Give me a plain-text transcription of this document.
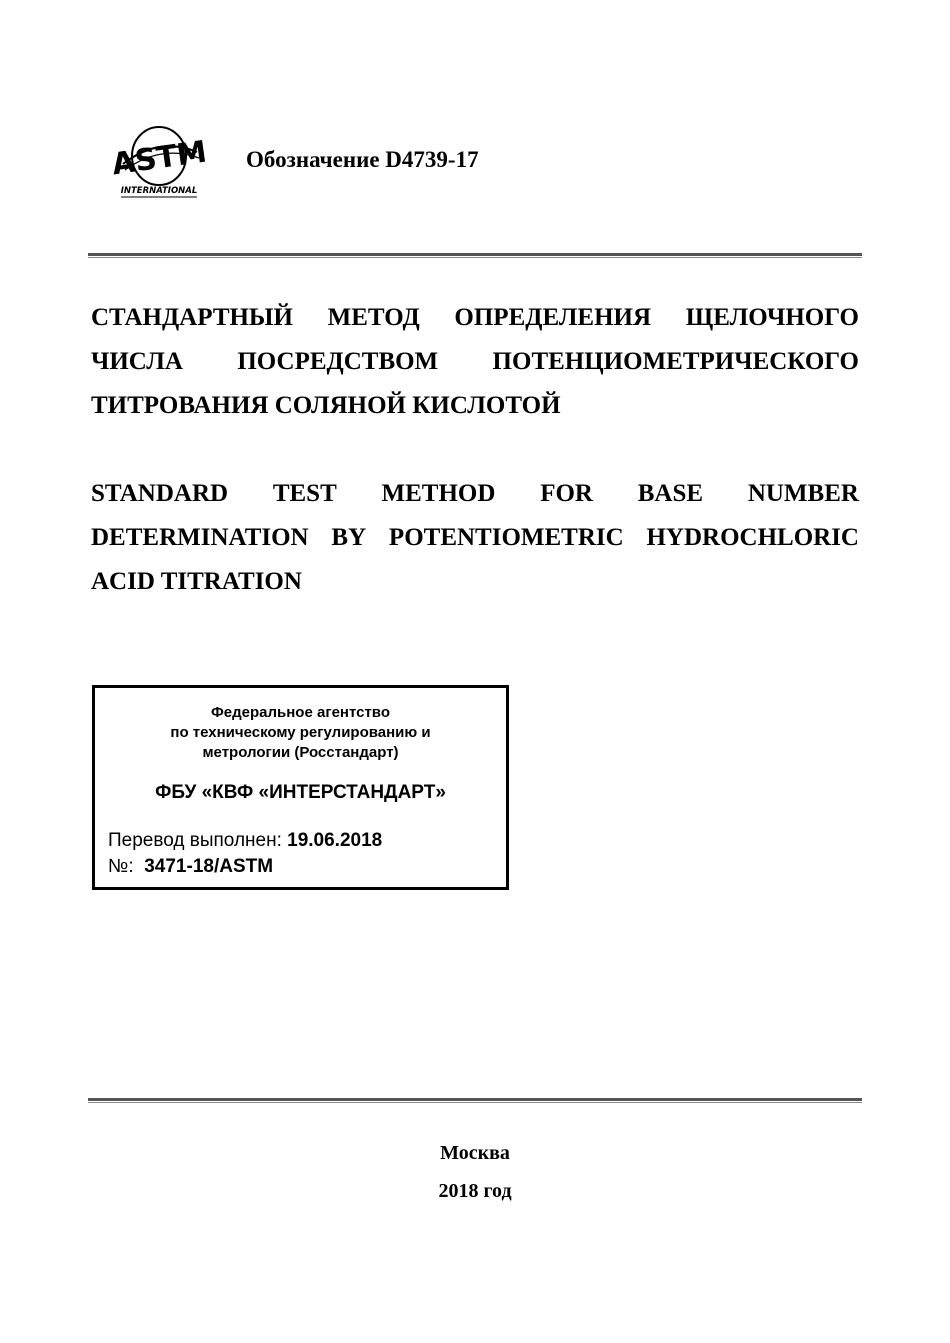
ASTM
INTERNATIONAL
Обозначение D4739-17
СТАНДАРТНЫЙ МЕТОД ОПРЕДЕЛЕНИЯ ЩЕЛОЧНОГО
ЧИСЛА ПОСРЕДСТВОМ ПОТЕНЦИОМЕТРИЧЕСКОГО
ТИТРОВАНИЯ СОЛЯНОЙ КИСЛОТОЙ
STANDARD TEST METHOD FOR BASE NUMBER
DETERMINATION BY POTENTIOMETRIC HYDROCHLORIC
ACID TITRATION
Федеральное агентство
по техническому регулированию и
метрологии (Росстандарт)
ФБУ «КВФ «ИНТЕРСТАНДАРТ»
Перевод выполнен: 19.06.2018
№: 3471-18/ASTM
Москва
2018 год
